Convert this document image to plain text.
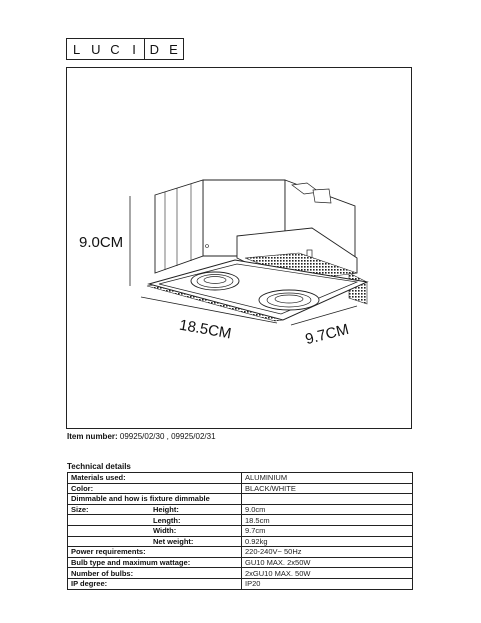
L U C I	D E
9.0CM
18.5CM	9.7CM
Item number: 09925/02/30 , 09925/02/31
Technical details
Materials used:	ALUMINIUM
Color:	BLACK/WHITE
Dimmable and how is fixture dimmable	

Size: Height:	9.0cm

Length:	18.5cm

Width:	9.7cm

Net weight:	0.92kg
Power requirements:	220-240V~ 50Hz
Bulb type and maximum wattage:	GU10 MAX. 2x50W
Number of bulbs:	2xGU10 MAX. 50W
IP degree:	IP20
